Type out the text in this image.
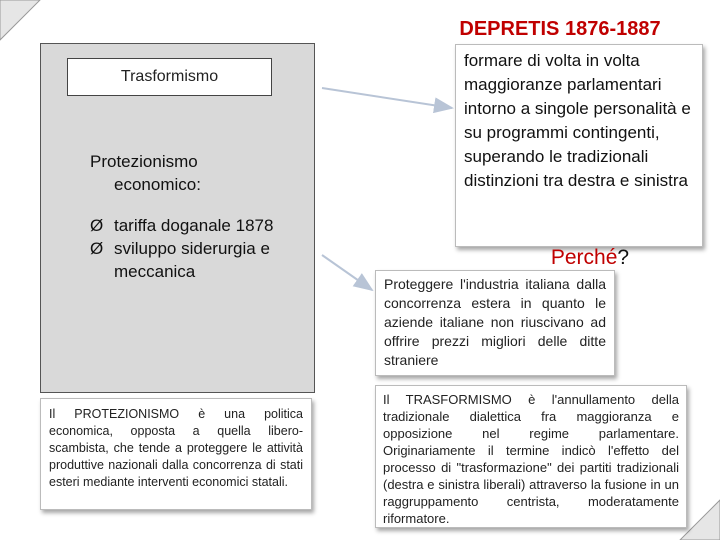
DEPRETIS 1876-1887
Trasformismo
Protezionismo
economico:
Ø tariffa doganale 1878
Ø sviluppo siderurgia e meccanica
Il PROTEZIONISMO è una politica economica, opposta a quella libero-scambista, che tende a proteggere le attività produttive nazionali dalla concorrenza di stati esteri mediante interventi economici statali.
formare di volta in volta maggioranze parlamentari intorno a singole personalità e su programmi contingenti, superando le tradizionali distinzioni tra destra e sinistra
Perché?
Proteggere l'industria italiana dalla concorrenza estera in quanto le aziende italiane non riuscivano ad offrire prezzi migliori delle ditte straniere
Il TRASFORMISMO è l'annullamento della tradizionale dialettica fra maggioranza e opposizione nel regime parlamentare. Originariamente il termine indicò l'effetto del processo di "trasformazione" dei partiti tradizionali (destra e sinistra liberali) attraverso la fusione in un raggruppamento centrista, moderatamente riformatore.
